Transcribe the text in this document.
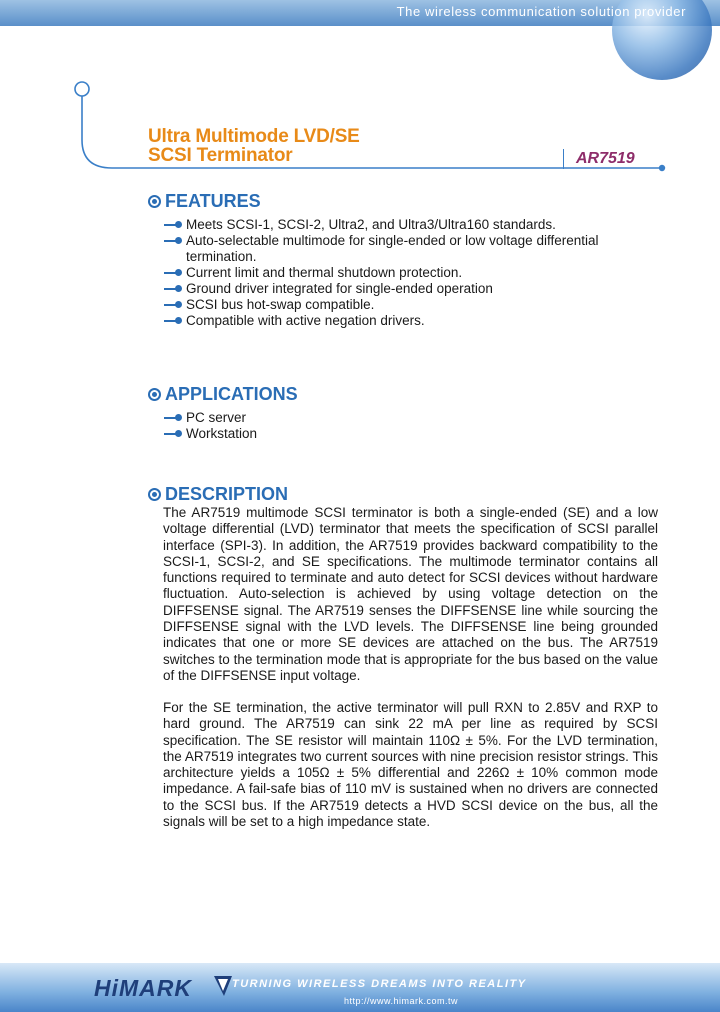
The wireless communication solution provider
Ultra Multimode LVD/SE
SCSI Terminator	AR7519
FEATURES
Meets SCSI-1, SCSI-2, Ultra2, and Ultra3/Ultra160 standards.
Auto-selectable multimode for single-ended or low voltage differential termination.
Current limit and thermal shutdown protection.
Ground driver integrated for single-ended operation
SCSI bus hot-swap compatible.
Compatible with active negation drivers.
APPLICATIONS
PC server
Workstation
DESCRIPTION

The AR7519 multimode SCSI terminator is both a single-ended (SE) and a low voltage differential (LVD) terminator that meets the specification of SCSI parallel interface (SPI-3). In addition, the AR7519 provides backward compatibility to the SCSI-1, SCSI-2, and SE specifications. The multimode terminator contains all functions required to terminate and auto detect for SCSI devices without hardware fluctuation. Auto-selection is achieved by using voltage detection on the DIFFSENSE signal. The AR7519 senses the DIFFSENSE line while sourcing the DIFFSENSE signal with the LVD levels. The DIFFSENSE line being grounded indicates that one or more SE devices are attached on the bus. The AR7519 switches to the termination mode that is appropriate for the bus based on the value of the DIFFSENSE input voltage.

For the SE termination, the active terminator will pull RXN to 2.85V and RXP to hard ground. The AR7519 can sink 22 mA per line as required by SCSI specification. The SE resistor will maintain 110Ω ± 5%. For the LVD termination, the AR7519 integrates two current sources with nine precision resistor strings. This architecture yields a 105Ω ± 5% differential and 226Ω ± 10% common mode impedance. A fail-safe bias of 110 mV is sustained when no drivers are connected to the SCSI bus. If the AR7519 detects a HVD SCSI device on the bus, all the signals will be set to a high impedance state.

HiMARK	TURNING WIRELESS DREAMS INTO REALITY
http://www.himark.com.tw
